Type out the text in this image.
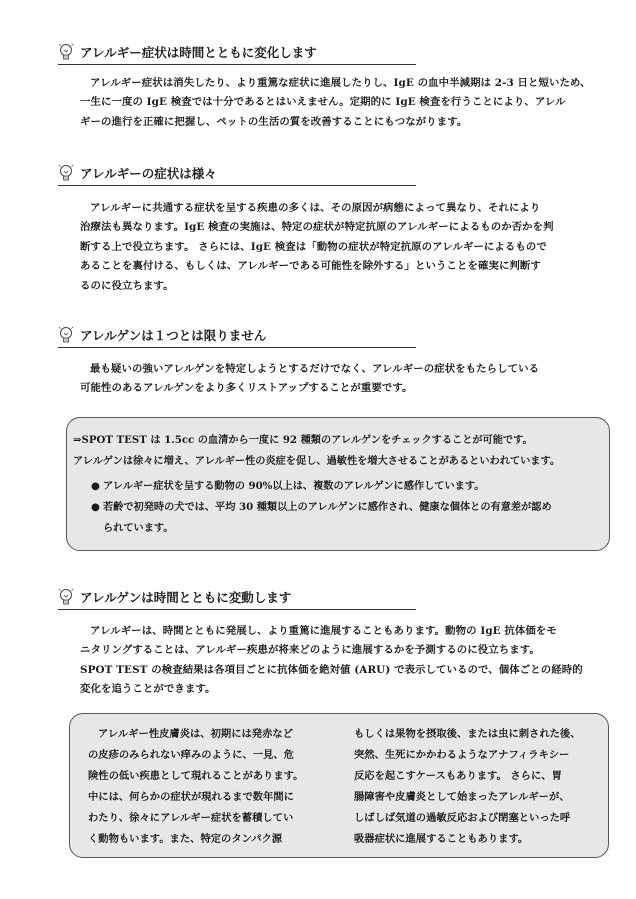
アレルギー症状は時間とともに変化します
アレルギー症状は消失したり、より重篤な症状に進展したりし、IgE の血中半減期は 2-3 日と短いため、
一生に一度の IgE 検査では十分であるとはいえません。定期的に IgE 検査を行うことにより、アレル
ギーの進行を正確に把握し、ペットの生活の質を改善することにもつながります。
アレルギーの症状は様々
アレルギーに共通する症状を呈する疾患の多くは、その原因が病態によって異なり、それにより
治療法も異なります。IgE 検査の実施は、特定の症状が特定抗原のアレルギーによるものか否かを判
断する上で役立ちます。 さらには、IgE 検査は「動物の症状が特定抗原のアレルギーによるもので
あることを裏付ける、もしくは、アレルギーである可能性を除外する」ということを確実に判断す
るのに役立ちます。
アレルゲンは１つとは限りません
最も疑いの強いアレルゲンを特定しようとするだけでなく、アレルギーの症状をもたらしている
可能性のあるアレルゲンをより多くリストアップすることが重要です。

⇒SPOT TEST は 1.5cc の血清から一度に 92 種類のアレルゲンをチェックすることが可能です。

アレルゲンは徐々に増え、アレルギー性の炎症を促し、過敏性を増大させることがあるといわれています。

● アレルギー症状を呈する動物の 90%以上は、複数のアレルゲンに感作しています。

● 若齢で初発時の犬では、平均 30 種類以上のアレルゲンに感作され、健康な個体との有意差が認め

られています。

アレルゲンは時間とともに変動します
アレルギーは、時間とともに発展し、より重篤に進展することもあります。動物の IgE 抗体価をモ
ニタリングすることは、アレルギー疾患が将来どのように進展するかを予測するのに役立ちます。
SPOT TEST の検査結果は各項目ごとに抗体価を絶対値 (ARU) で表示しているので、個体ごとの経時的
変化を追うことができます。
アレルギー性皮膚炎は、初期には発赤など
の皮疹のみられない痒みのように、一見、危
険性の低い疾患として現れることがあります。
中には、何らかの症状が現れるまで数年間に
わたり、徐々にアレルギー症状を蓄積してい
く動物もいます。また、特定のタンパク源
もしくは果物を摂取後、または虫に刺された後、
突然、生死にかかわるようなアナフィラキシー
反応を起こすケースもあります。 さらに、胃
腸障害や皮膚炎として始まったアレルギーが、
しばしば気道の過敏反応および閉塞といった呼
吸器症状に進展することもあります。
